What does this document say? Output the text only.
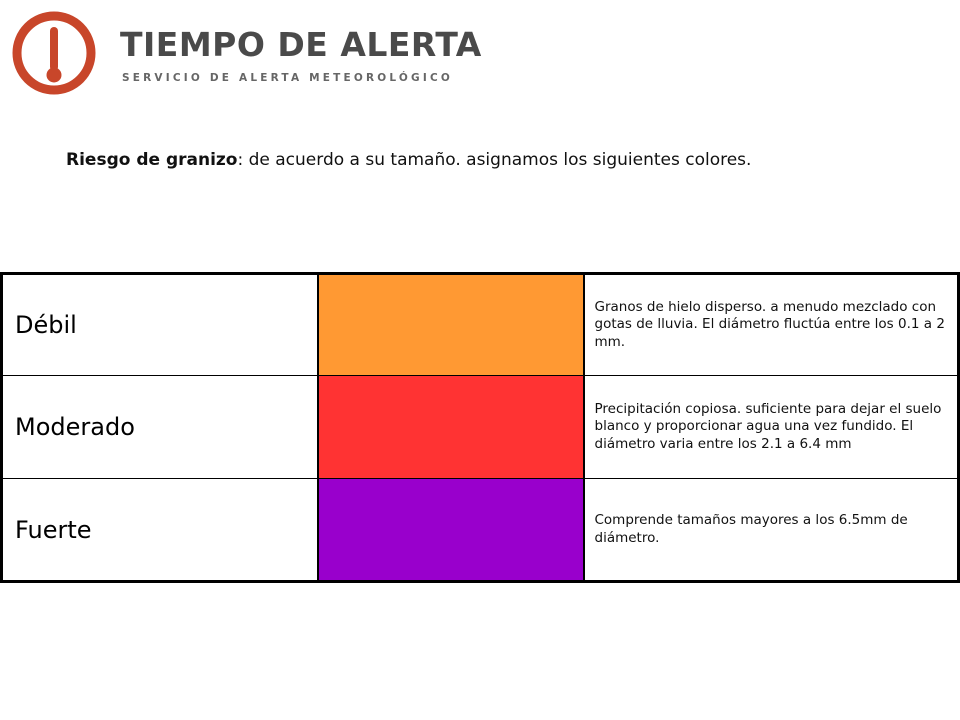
TIEMPO DE ALERTA
SERVICIO DE ALERTA METEOROLÓGICO

Riesgo de granizo: de acuerdo a su tamaño. asignamos los siguientes colores.

Débil		Granos de hielo disperso. a menudo mezclado con gotas de lluvia. El diámetro fluctúa entre los 0.1 a 2 mm.
Moderado		Precipitación copiosa. suficiente para dejar el suelo blanco y proporcionar agua una vez fundido. El diámetro varia entre los 2.1 a 6.4 mm
Fuerte		Comprende tamaños mayores a los 6.5mm de diámetro.
